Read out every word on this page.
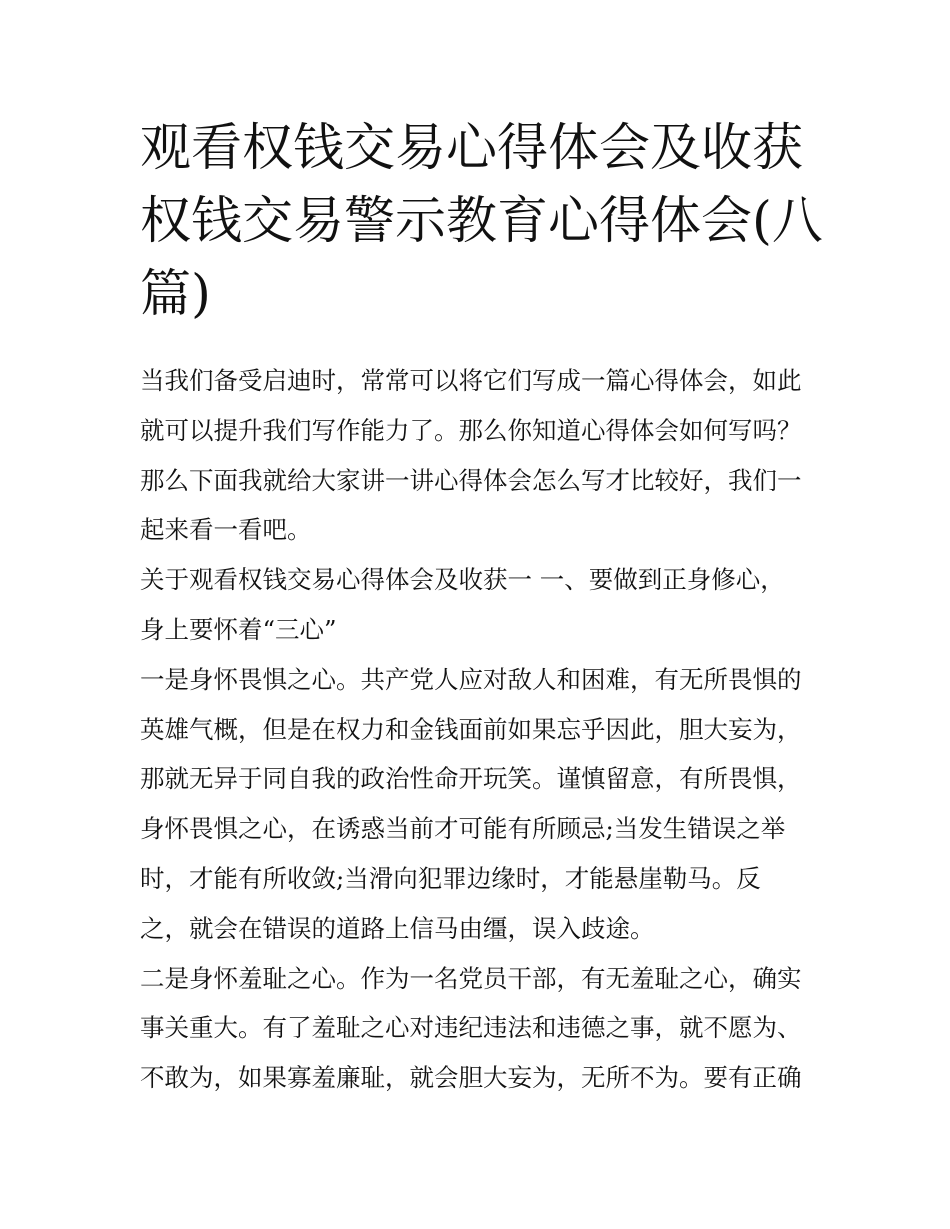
观看权钱交易心得体会及收获
权钱交易警示教育心得体会(八
篇)
当我们备受启迪时，常常可以将它们写成一篇心得体会，如此
就可以提升我们写作能力了。那么你知道心得体会如何写吗？
那么下面我就给大家讲一讲心得体会怎么写才比较好，我们一
起来看一看吧。
关于观看权钱交易心得体会及收获一 一、要做到正身修心，
身上要怀着“三心”
一是身怀畏惧之心。共产党人应对敌人和困难，有无所畏惧的
英雄气概，但是在权力和金钱面前如果忘乎因此，胆大妄为，
那就无异于同自我的政治性命开玩笑。谨慎留意，有所畏惧，
身怀畏惧之心，在诱惑当前才可能有所顾忌;当发生错误之举
时，才能有所收敛;当滑向犯罪边缘时，才能悬崖勒马。反
之，就会在错误的道路上信马由缰，误入歧途。
二是身怀羞耻之心。作为一名党员干部，有无羞耻之心，确实
事关重大。有了羞耻之心对违纪违法和违德之事，就不愿为、
不敢为，如果寡羞廉耻，就会胆大妄为，无所不为。要有正确
